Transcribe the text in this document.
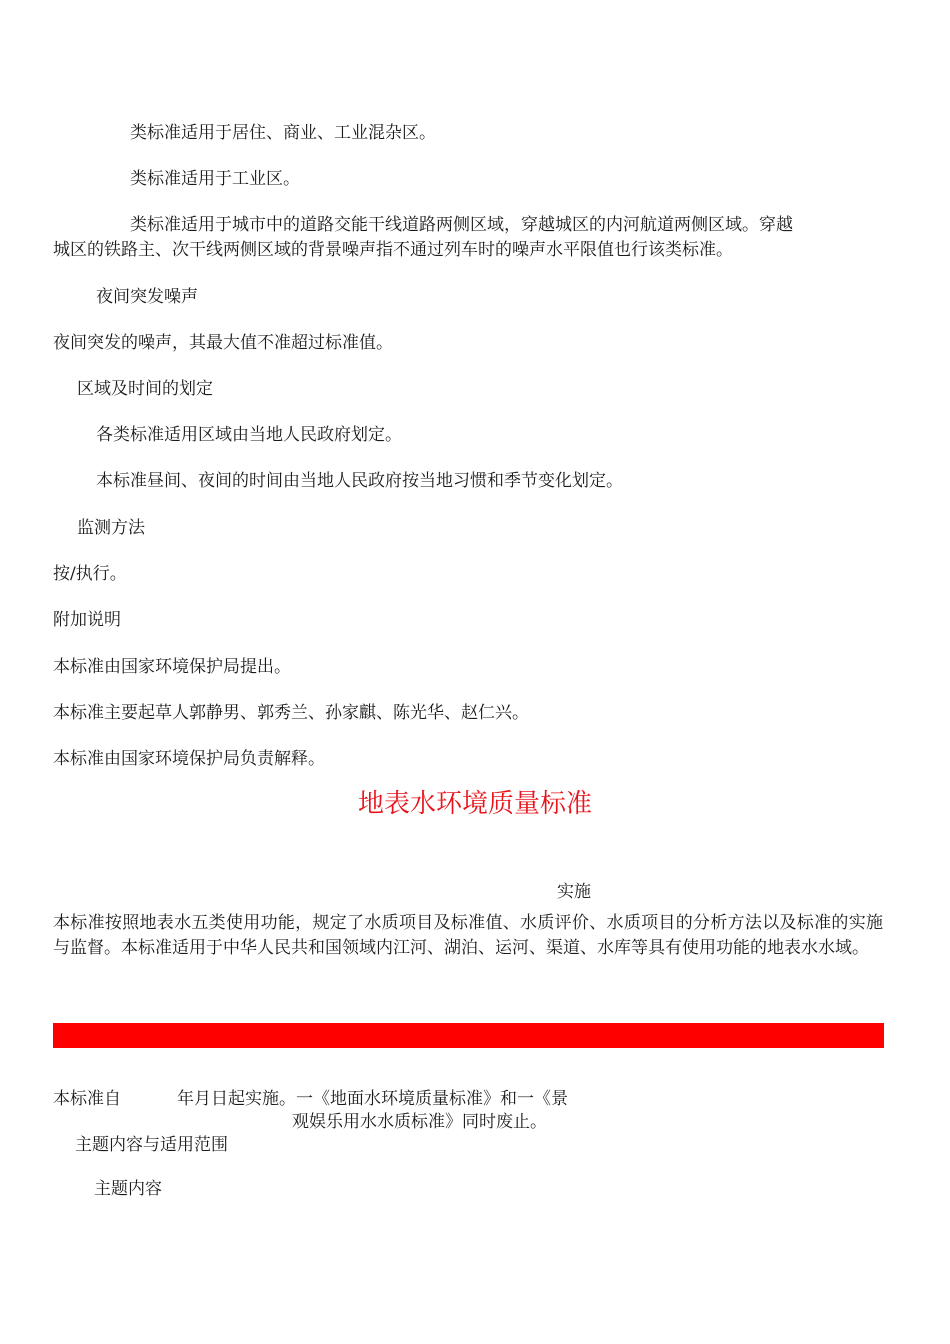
类标准适用于居住、商业、工业混杂区。
类标准适用于工业区。
类标准适用于城市中的道路交能干线道路两侧区域，穿越城区的内河航道两侧区域。穿越
城区的铁路主、次干线两侧区域的背景噪声指不通过列车时的噪声水平限值也行该类标准。
夜间突发噪声
夜间突发的噪声，其最大值不准超过标准值。
区域及时间的划定
各类标准适用区域由当地人民政府划定。
本标准昼间、夜间的时间由当地人民政府按当地习惯和季节变化划定。
监测方法
按/执行。
附加说明
本标准由国家环境保护局提出。
本标准主要起草人郭静男、郭秀兰、孙家麒、陈光华、赵仁兴。
本标准由国家环境保护局负责解释。
地表水环境质量标准
实施
本标准按照地表水五类使用功能，规定了水质项目及标准值、水质评价、水质项目的分析方法以及标准的实施与监督。本标准适用于中华人民共和国领域内江河、湖泊、运河、渠道、水库等具有使用功能的地表水水域。
本标准自	年月日起实施。一《地面水环境质量标准》和一《景
观娱乐用水水质标准》同时废止。
主题内容与适用范围
主题内容
